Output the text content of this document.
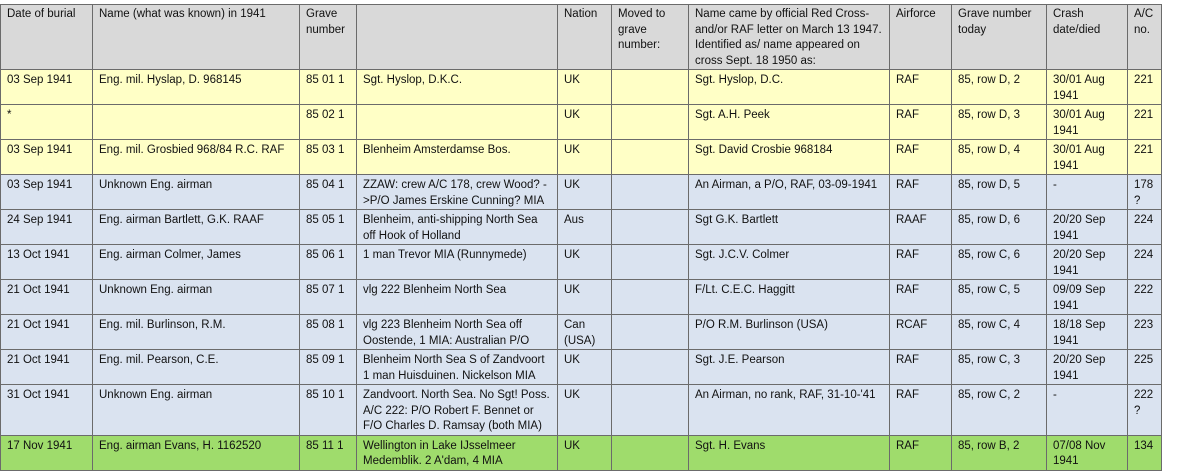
Date of burial	Name (what was known) in 1941	Grave number		Nation	Moved to grave number:	Name came by official Red Cross- and/or RAF letter on March 13 1947. Identified as/ name appeared on cross Sept. 18 1950 as:	Airforce	Grave number today	Crash date/died	A/C no.
03 Sep 1941	Eng. mil. Hyslap, D. 968145	85 01 1	Sgt. Hyslop, D.K.C.	UK		Sgt. Hyslop, D.C.	RAF	85, row D, 2	30/01 Aug 1941	221
*		85 02 1		UK		Sgt. A.H. Peek	RAF	85, row D, 3	30/01 Aug 1941	221
03 Sep 1941	Eng. mil. Grosbied 968/84 R.C. RAF	85 03 1	Blenheim Amsterdamse Bos.	UK		Sgt. David Crosbie 968184	RAF	85, row D, 4	30/01 Aug 1941	221
03 Sep 1941	Unknown Eng. airman	85 04 1	ZZAW: crew A/C 178, crew Wood? ->P/O James Erskine Cunning? MIA	UK		An Airman, a P/O, RAF, 03-09-1941	RAF	85, row D, 5	-	178 ?
24 Sep 1941	Eng. airman Bartlett, G.K. RAAF	85 05 1	Blenheim, anti-shipping North Sea off Hook of Holland	Aus		Sgt G.K. Bartlett	RAAF	85, row D, 6	20/20 Sep 1941	224
13 Oct 1941	Eng. airman Colmer, James	85 06 1	1 man Trevor MIA (Runnymede)	UK		Sgt. J.C.V. Colmer	RAF	85, row C, 6	20/20 Sep 1941	224
21 Oct 1941	Unknown Eng. airman	85 07 1	vlg 222 Blenheim North Sea	UK		F/Lt. C.E.C. Haggitt	RAF	85, row C, 5	09/09 Sep 1941	222
21 Oct 1941	Eng. mil. Burlinson, R.M.	85 08 1	vlg 223 Blenheim North Sea off Oostende, 1 MIA: Australian P/O	Can (USA)		P/O R.M. Burlinson (USA)	RCAF	85, row C, 4	18/18 Sep 1941	223
21 Oct 1941	Eng. mil. Pearson, C.E.	85 09 1	Blenheim North Sea S of Zandvoort 1 man Huisduinen. Nickelson MIA	UK		Sgt. J.E. Pearson	RAF	85, row C, 3	20/20 Sep 1941	225
31 Oct 1941	Unknown Eng. airman	85 10 1	Zandvoort. North Sea. No Sgt! Poss. A/C 222: P/O Robert F. Bennet or F/O Charles D. Ramsay (both MIA)	UK		An Airman, no rank, RAF, 31-10-'41	RAF	85, row C, 2	-	222 ?
17 Nov 1941	Eng. airman Evans, H. 1162520	85 11 1	Wellington in Lake IJsselmeer Medemblik. 2 A'dam, 4 MIA	UK		Sgt. H. Evans	RAF	85, row B, 2	07/08 Nov 1941	134
